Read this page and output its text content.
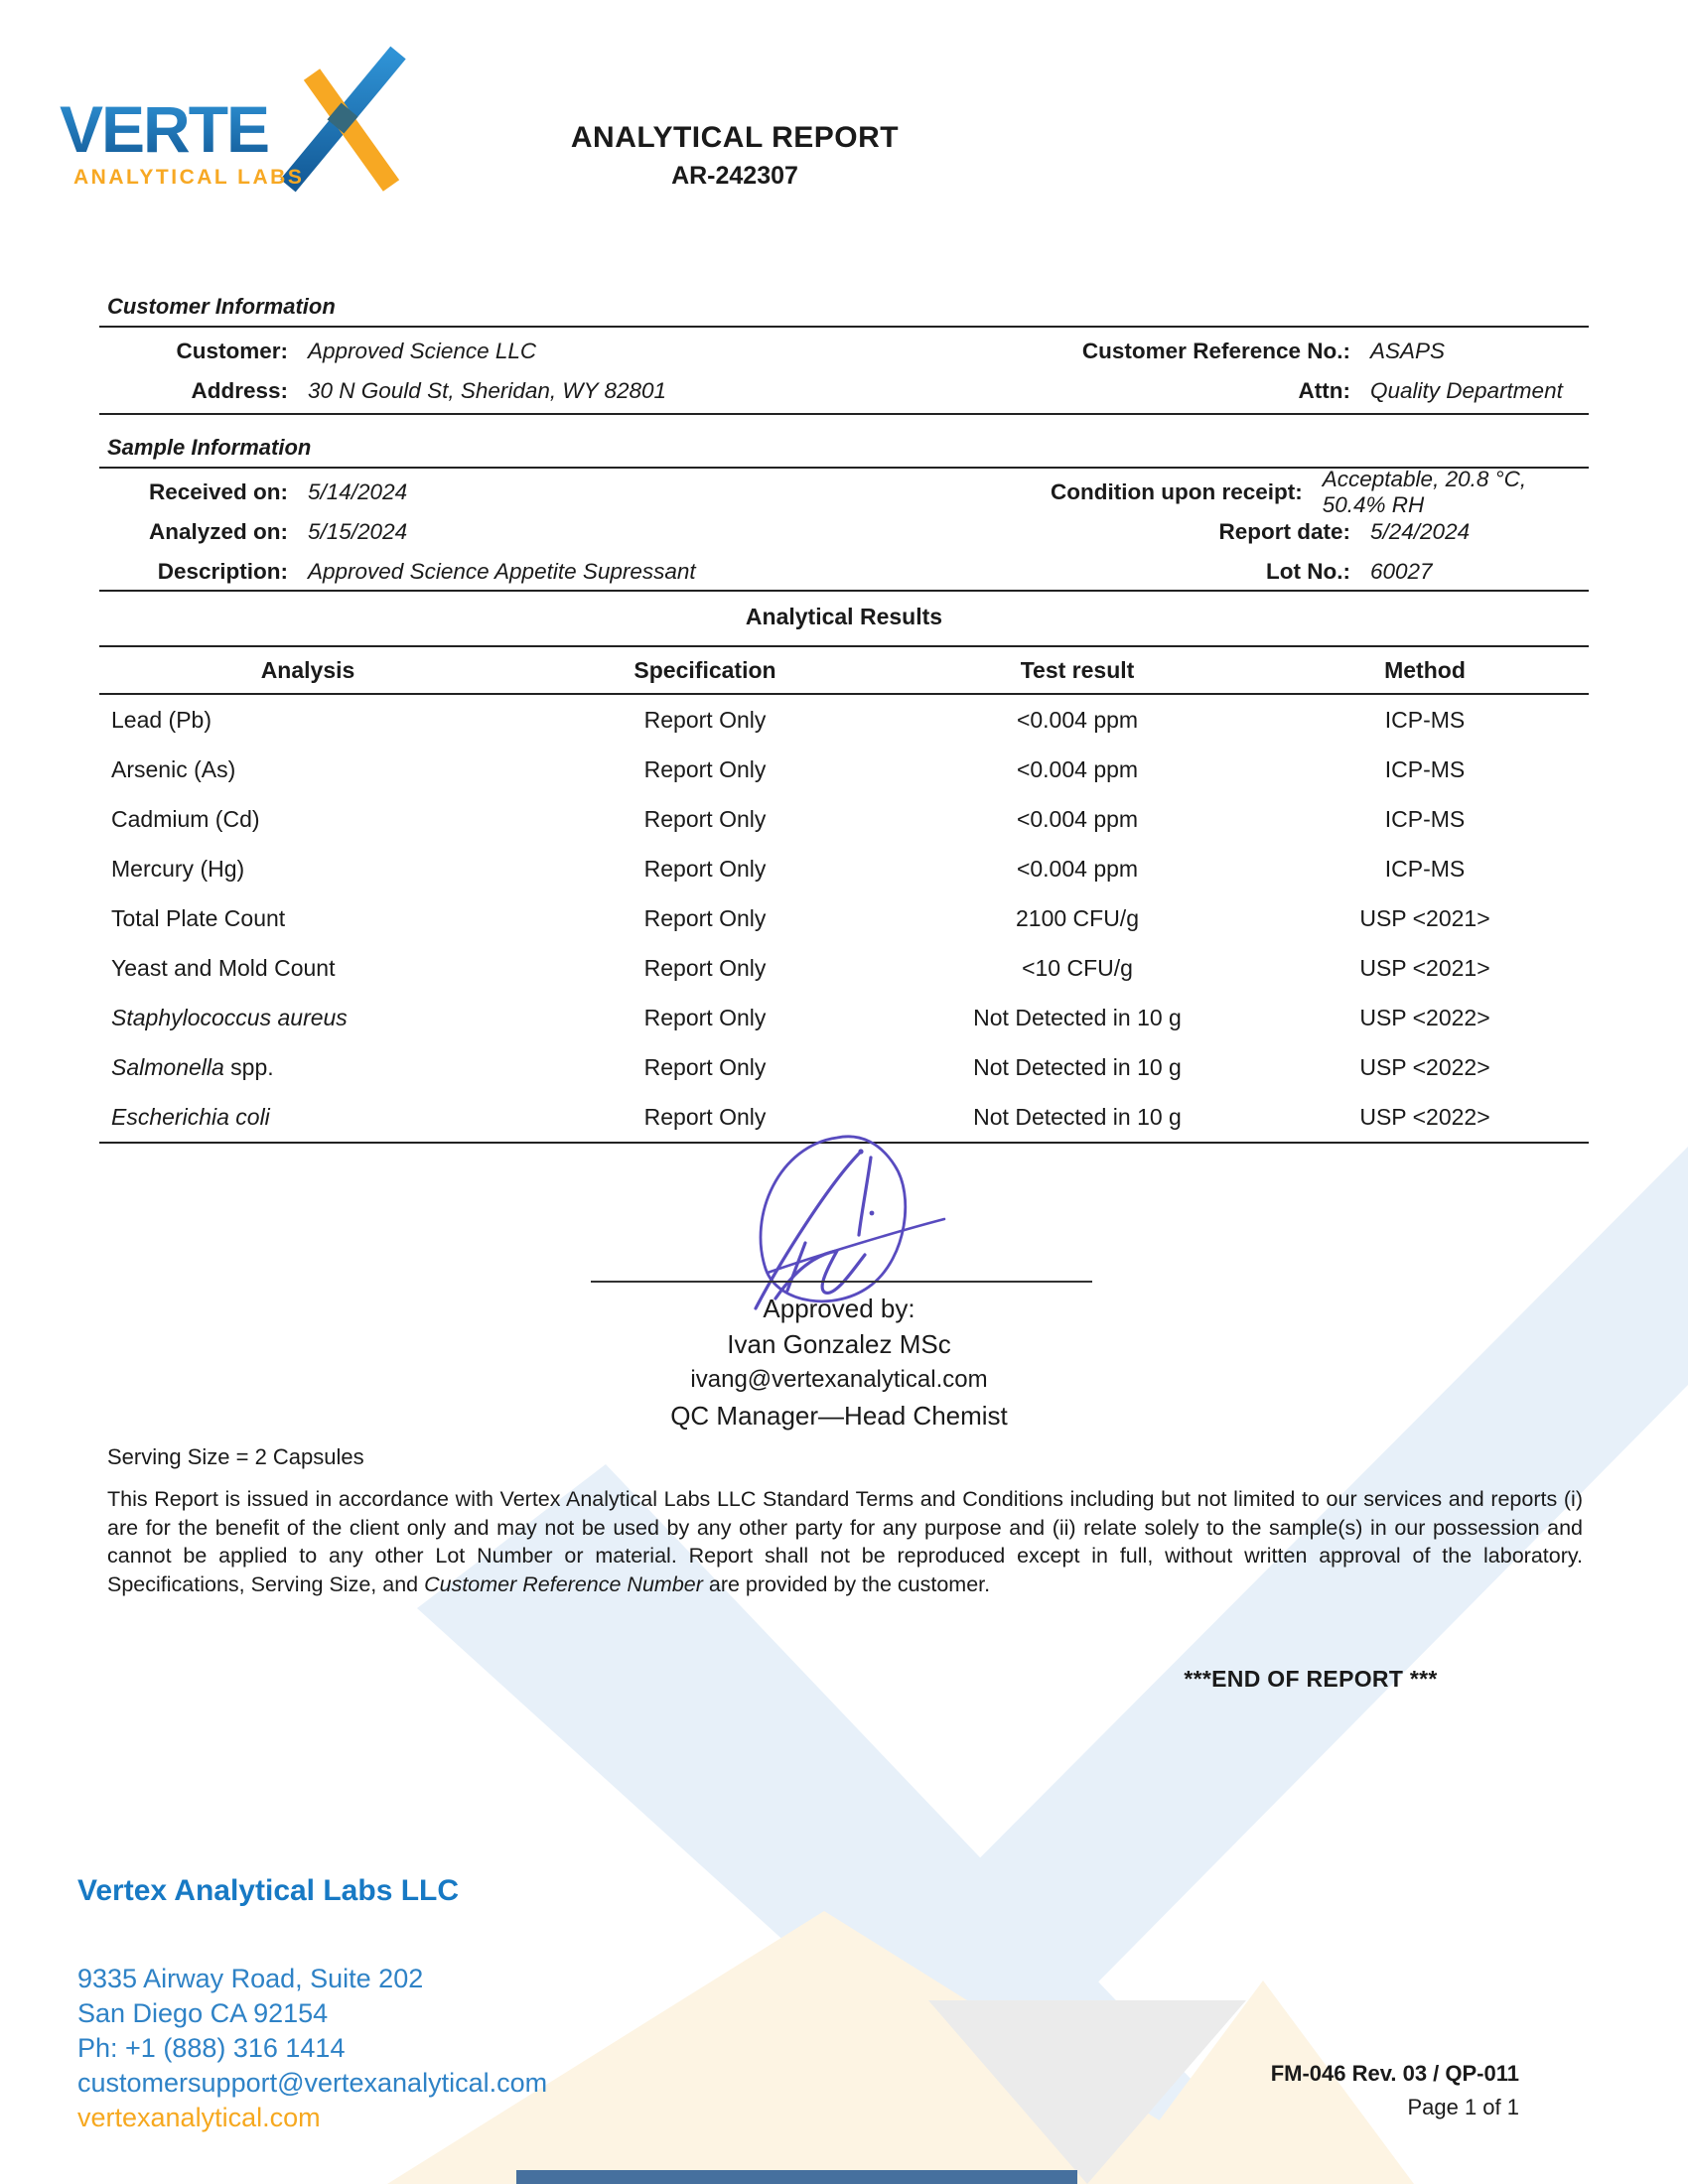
VERTE
ANALYTICAL LABS
ANALYTICAL REPORT
AR-242307
Customer Information
Customer: Approved Science LLC	Customer Reference No.: ASAPS
Address: 30 N Gould St, Sheridan, WY 82801	Attn: Quality Department
Sample Information
Received on: 5/14/2024	Condition upon receipt:
Acceptable, 20.8 °C, 50.4% RH
Analyzed on: 5/15/2024	Report date: 5/24/2024
Description: Approved Science Appetite Supressant	Lot No.: 60027
Analytical Results
Analysis	Specification	Test result	Method
Lead (Pb)	Report Only	<0.004 ppm	ICP-MS
Arsenic (As)	Report Only	<0.004 ppm	ICP-MS
Cadmium (Cd)	Report Only	<0.004 ppm	ICP-MS
Mercury (Hg)	Report Only	<0.004 ppm	ICP-MS
Total Plate Count	Report Only	2100 CFU/g	USP <2021>
Yeast and Mold Count	Report Only	<10 CFU/g	USP <2021>
Staphylococcus aureus	Report Only	Not Detected in 10 g	USP <2022>
Salmonella spp.	Report Only	Not Detected in 10 g	USP <2022>
Escherichia coli	Report Only	Not Detected in 10 g	USP <2022>
Approved by:
Ivan Gonzalez MSc
ivang@vertexanalytical.com
QC Manager—Head Chemist
Serving Size = 2 Capsules
This Report is issued in accordance with Vertex Analytical Labs LLC Standard Terms and Conditions including but not limited to our services and reports (i) are for the benefit of the client only and may not be used by any other party for any purpose and (ii) relate solely to the sample(s) in our possession and cannot be applied to any other Lot Number or material. Report shall not be reproduced except in full, without written approval of the laboratory. Specifications, Serving Size, and Customer Reference Number are provided by the customer.
***END OF REPORT ***
Vertex Analytical Labs LLC
9335 Airway Road, Suite 202
San Diego CA 92154
Ph: +1 (888) 316 1414
customersupport@vertexanalytical.com
vertexanalytical.com
FM-046 Rev. 03 / QP-011
Page 1 of 1
